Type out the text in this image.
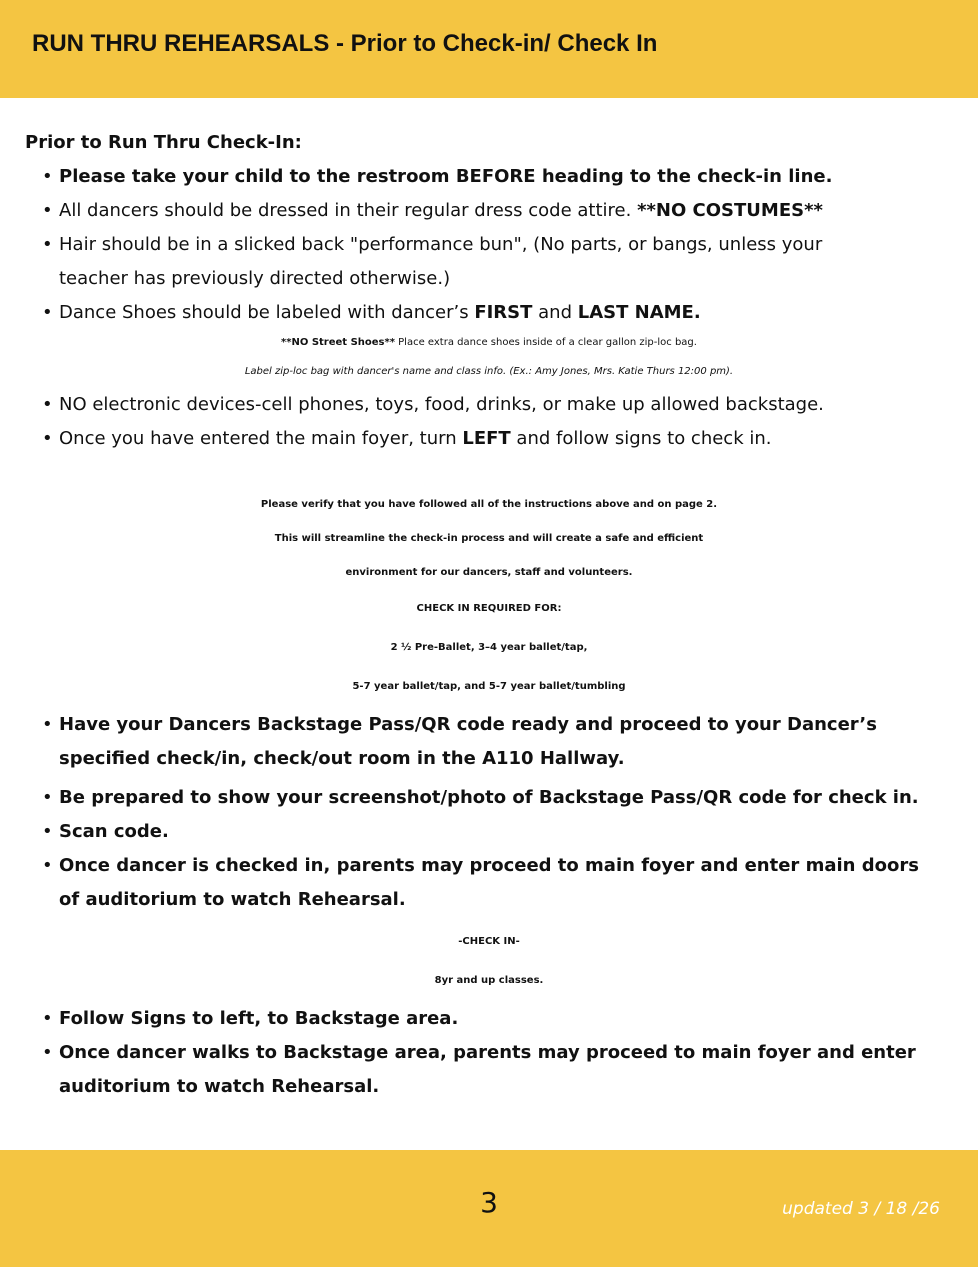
RUN THRU REHEARSALS - Prior to Check-in/ Check In
Prior to Run Thru Check-In:
• Please take your child to the restroom BEFORE heading to the check-in line.
• All dancers should be dressed in their regular dress code attire. **NO COSTUMES**
• Hair should be in a slicked back "performance bun", (No parts, or bangs, unless your
teacher has previously directed otherwise.)
• Dance Shoes should be labeled with dancer’s FIRST and LAST NAME.
**NO Street Shoes** Place extra dance shoes inside of a clear gallon zip-loc bag.
Label zip-loc bag with dancer's name and class info. (Ex.: Amy Jones, Mrs. Katie Thurs 12:00 pm).
• NO electronic devices-cell phones, toys, food, drinks, or make up allowed backstage.
• Once you have entered the main foyer, turn LEFT and follow signs to check in.
Please verify that you have followed all of the instructions above and on page 2.
This will streamline the check-in process and will create a safe and efficient
environment for our dancers, staff and volunteers.
CHECK IN REQUIRED FOR:
2 ½ Pre-Ballet, 3–4 year ballet/tap,
5-7 year ballet/tap, and 5-7 year ballet/tumbling
• Have your Dancers Backstage Pass/QR code ready and proceed to your Dancer’s
specified check/in, check/out room in the A110 Hallway.
• Be prepared to show your screenshot/photo of Backstage Pass/QR code for check in.
• Scan code.
• Once dancer is checked in, parents may proceed to main foyer and enter main doors
of auditorium to watch Rehearsal.
-CHECK IN-
8yr and up classes.
• Follow Signs to left, to Backstage area.
• Once dancer walks to Backstage area, parents may proceed to main foyer and enter
auditorium to watch Rehearsal.
3	updated 3 / 18 /26
